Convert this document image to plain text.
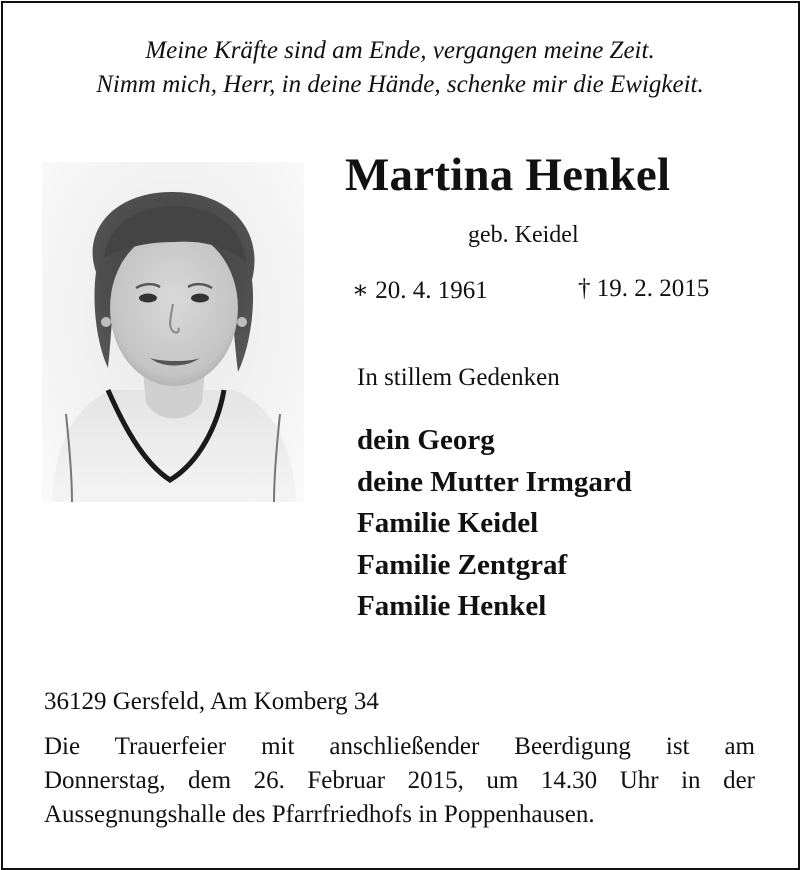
Meine Kräfte sind am Ende, vergangen meine Zeit.
Nimm mich, Herr, in deine Hände, schenke mir die Ewigkeit.
Martina Henkel
geb. Keidel
∗ 20. 4. 1961	† 19. 2. 2015
In stillem Gedenken
dein Georg
deine Mutter Irmgard
Familie Keidel
Familie Zentgraf
Familie Henkel
36129 Gersfeld, Am Komberg 34
Die Trauerfeier mit anschließender Beerdigung ist am
Donnerstag, dem 26. Februar 2015, um 14.30 Uhr in der
Aussegnungshalle des Pfarrfriedhofs in Poppenhausen.
